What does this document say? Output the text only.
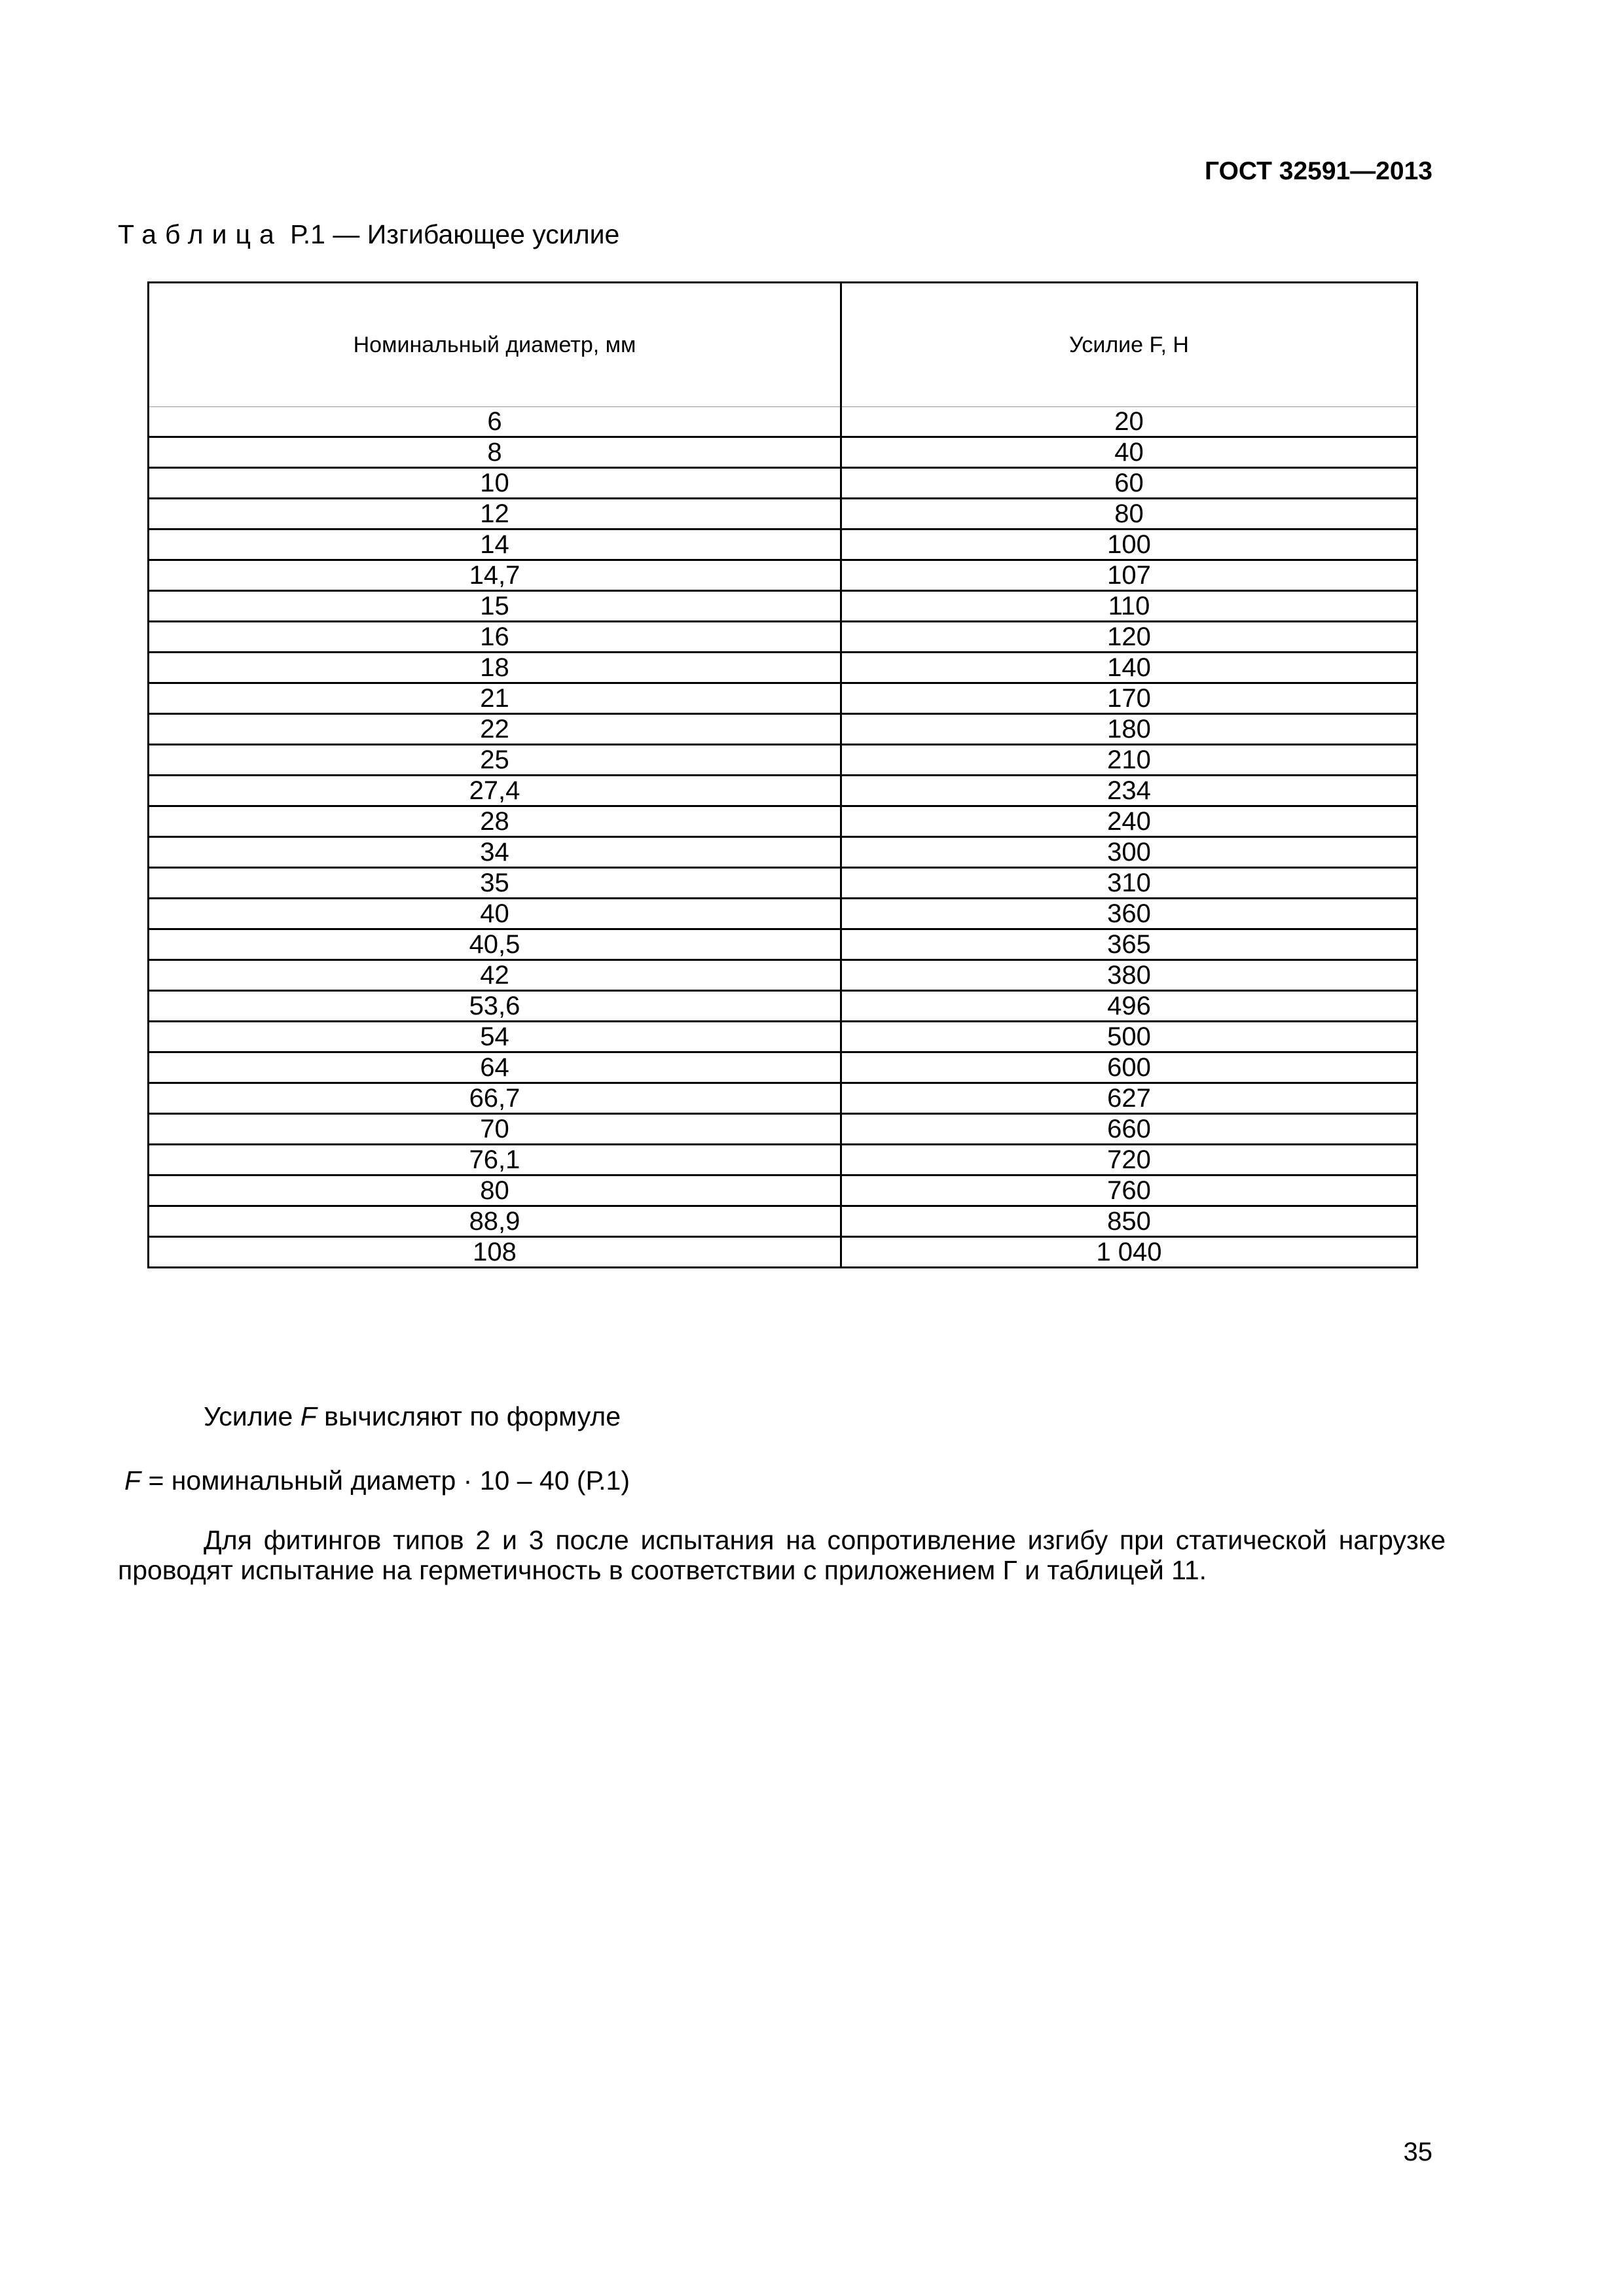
ГОСТ 32591—2013
Таблица Р.1 — Изгибающее усилие
Номинальный диаметр, мм	Усилие F, Н
6	20
8	40
10	60
12	80
14	100
14,7	107
15	110
16	120
18	140
21	170
22	180
25	210
27,4	234
28	240
34	300
35	310
40	360
40,5	365
42	380
53,6	496
54	500
64	600
66,7	627
70	660
76,1	720
80	760
88,9	850
108	1 040
Усилие F вычисляют по формуле
F = номинальный диаметр · 10 – 40 (Р.1)
Для фитингов типов 2 и 3 после испытания на сопротивление изгибу при статической нагрузке проводят испытание на герметичность в соответствии с приложением Г и таблицей 11.
35
